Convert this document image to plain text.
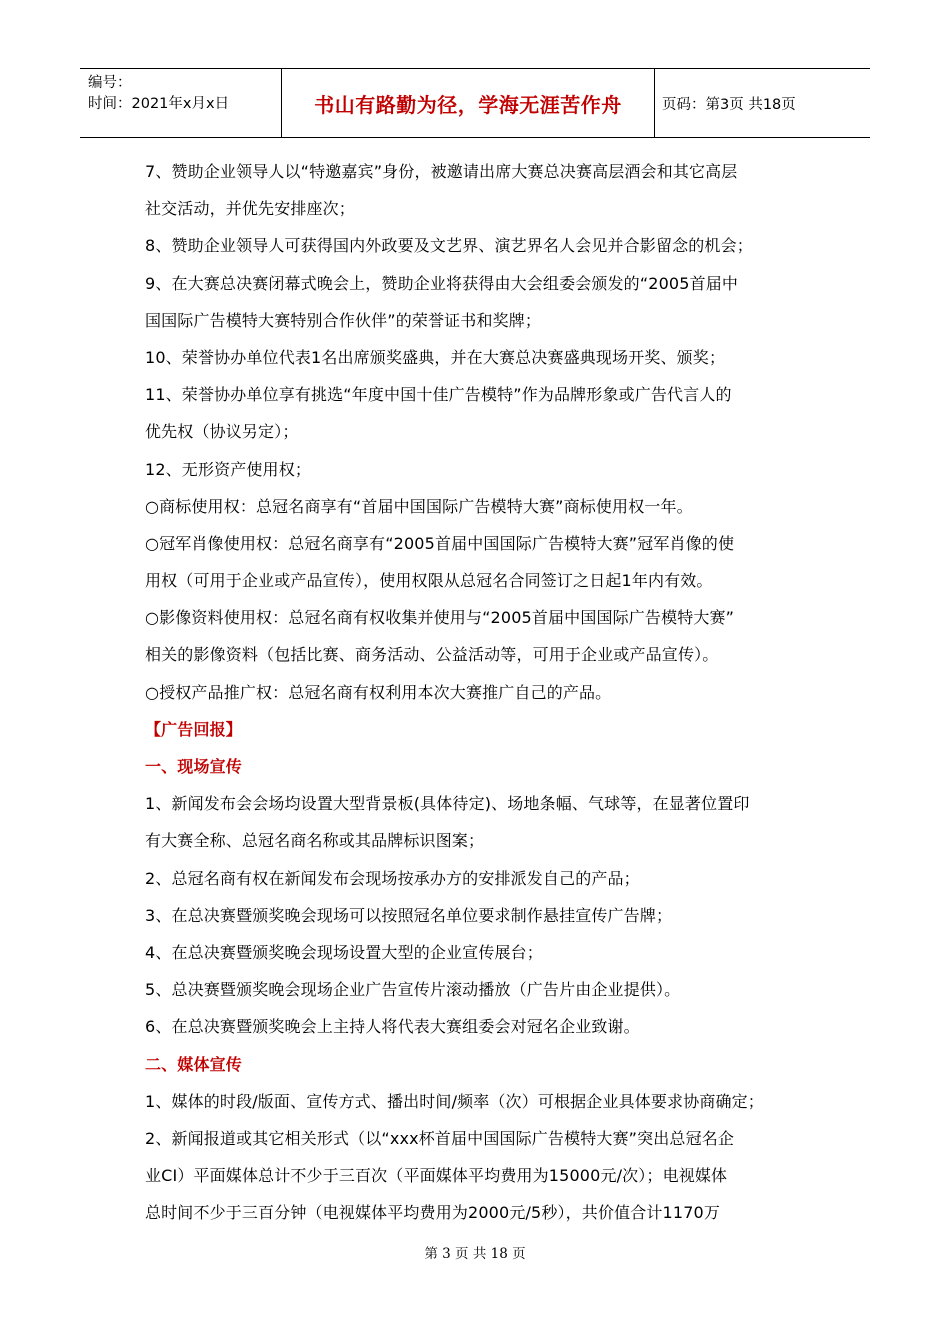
编号：
时间：2021年x月x日	书山有路勤为径，学海无涯苦作舟	页码：第3页 共18页
7、赞助企业领导人以“特邀嘉宾”身份，被邀请出席大赛总决赛高层酒会和其它高层
社交活动，并优先安排座次；
8、赞助企业领导人可获得国内外政要及文艺界、演艺界名人会见并合影留念的机会；
9、在大赛总决赛闭幕式晚会上，赞助企业将获得由大会组委会颁发的“2005首届中
国国际广告模特大赛特别合作伙伴”的荣誉证书和奖牌；
10、荣誉协办单位代表1名出席颁奖盛典，并在大赛总决赛盛典现场开奖、颁奖；
11、荣誉协办单位享有挑选“年度中国十佳广告模特”作为品牌形象或广告代言人的
优先权（协议另定）；
12、无形资产使用权；
○商标使用权：总冠名商享有“首届中国国际广告模特大赛”商标使用权一年。
○冠军肖像使用权：总冠名商享有“2005首届中国国际广告模特大赛”冠军肖像的使
用权（可用于企业或产品宣传），使用权限从总冠名合同签订之日起1年内有效。
○影像资料使用权：总冠名商有权收集并使用与“2005首届中国国际广告模特大赛”
相关的影像资料（包括比赛、商务活动、公益活动等，可用于企业或产品宣传）。
○授权产品推广权：总冠名商有权利用本次大赛推广自己的产品。
【广告回报】
一、现场宣传
1、新闻发布会会场均设置大型背景板(具体待定)、场地条幅、气球等，在显著位置印
有大赛全称、总冠名商名称或其品牌标识图案；
2、总冠名商有权在新闻发布会现场按承办方的安排派发自己的产品；
3、在总决赛暨颁奖晚会现场可以按照冠名单位要求制作悬挂宣传广告牌；
4、在总决赛暨颁奖晚会现场设置大型的企业宣传展台；
5、总决赛暨颁奖晚会现场企业广告宣传片滚动播放（广告片由企业提供）。
6、在总决赛暨颁奖晚会上主持人将代表大赛组委会对冠名企业致谢。
二、媒体宣传
1、媒体的时段/版面、宣传方式、播出时间/频率（次）可根据企业具体要求协商确定；
2、新闻报道或其它相关形式（以“xxx杯首届中国国际广告模特大赛”突出总冠名企
业CI）平面媒体总计不少于三百次（平面媒体平均费用为15000元/次）；电视媒体
总时间不少于三百分钟（电视媒体平均费用为2000元/5秒），共价值合计1170万
第 3 页 共 18 页
